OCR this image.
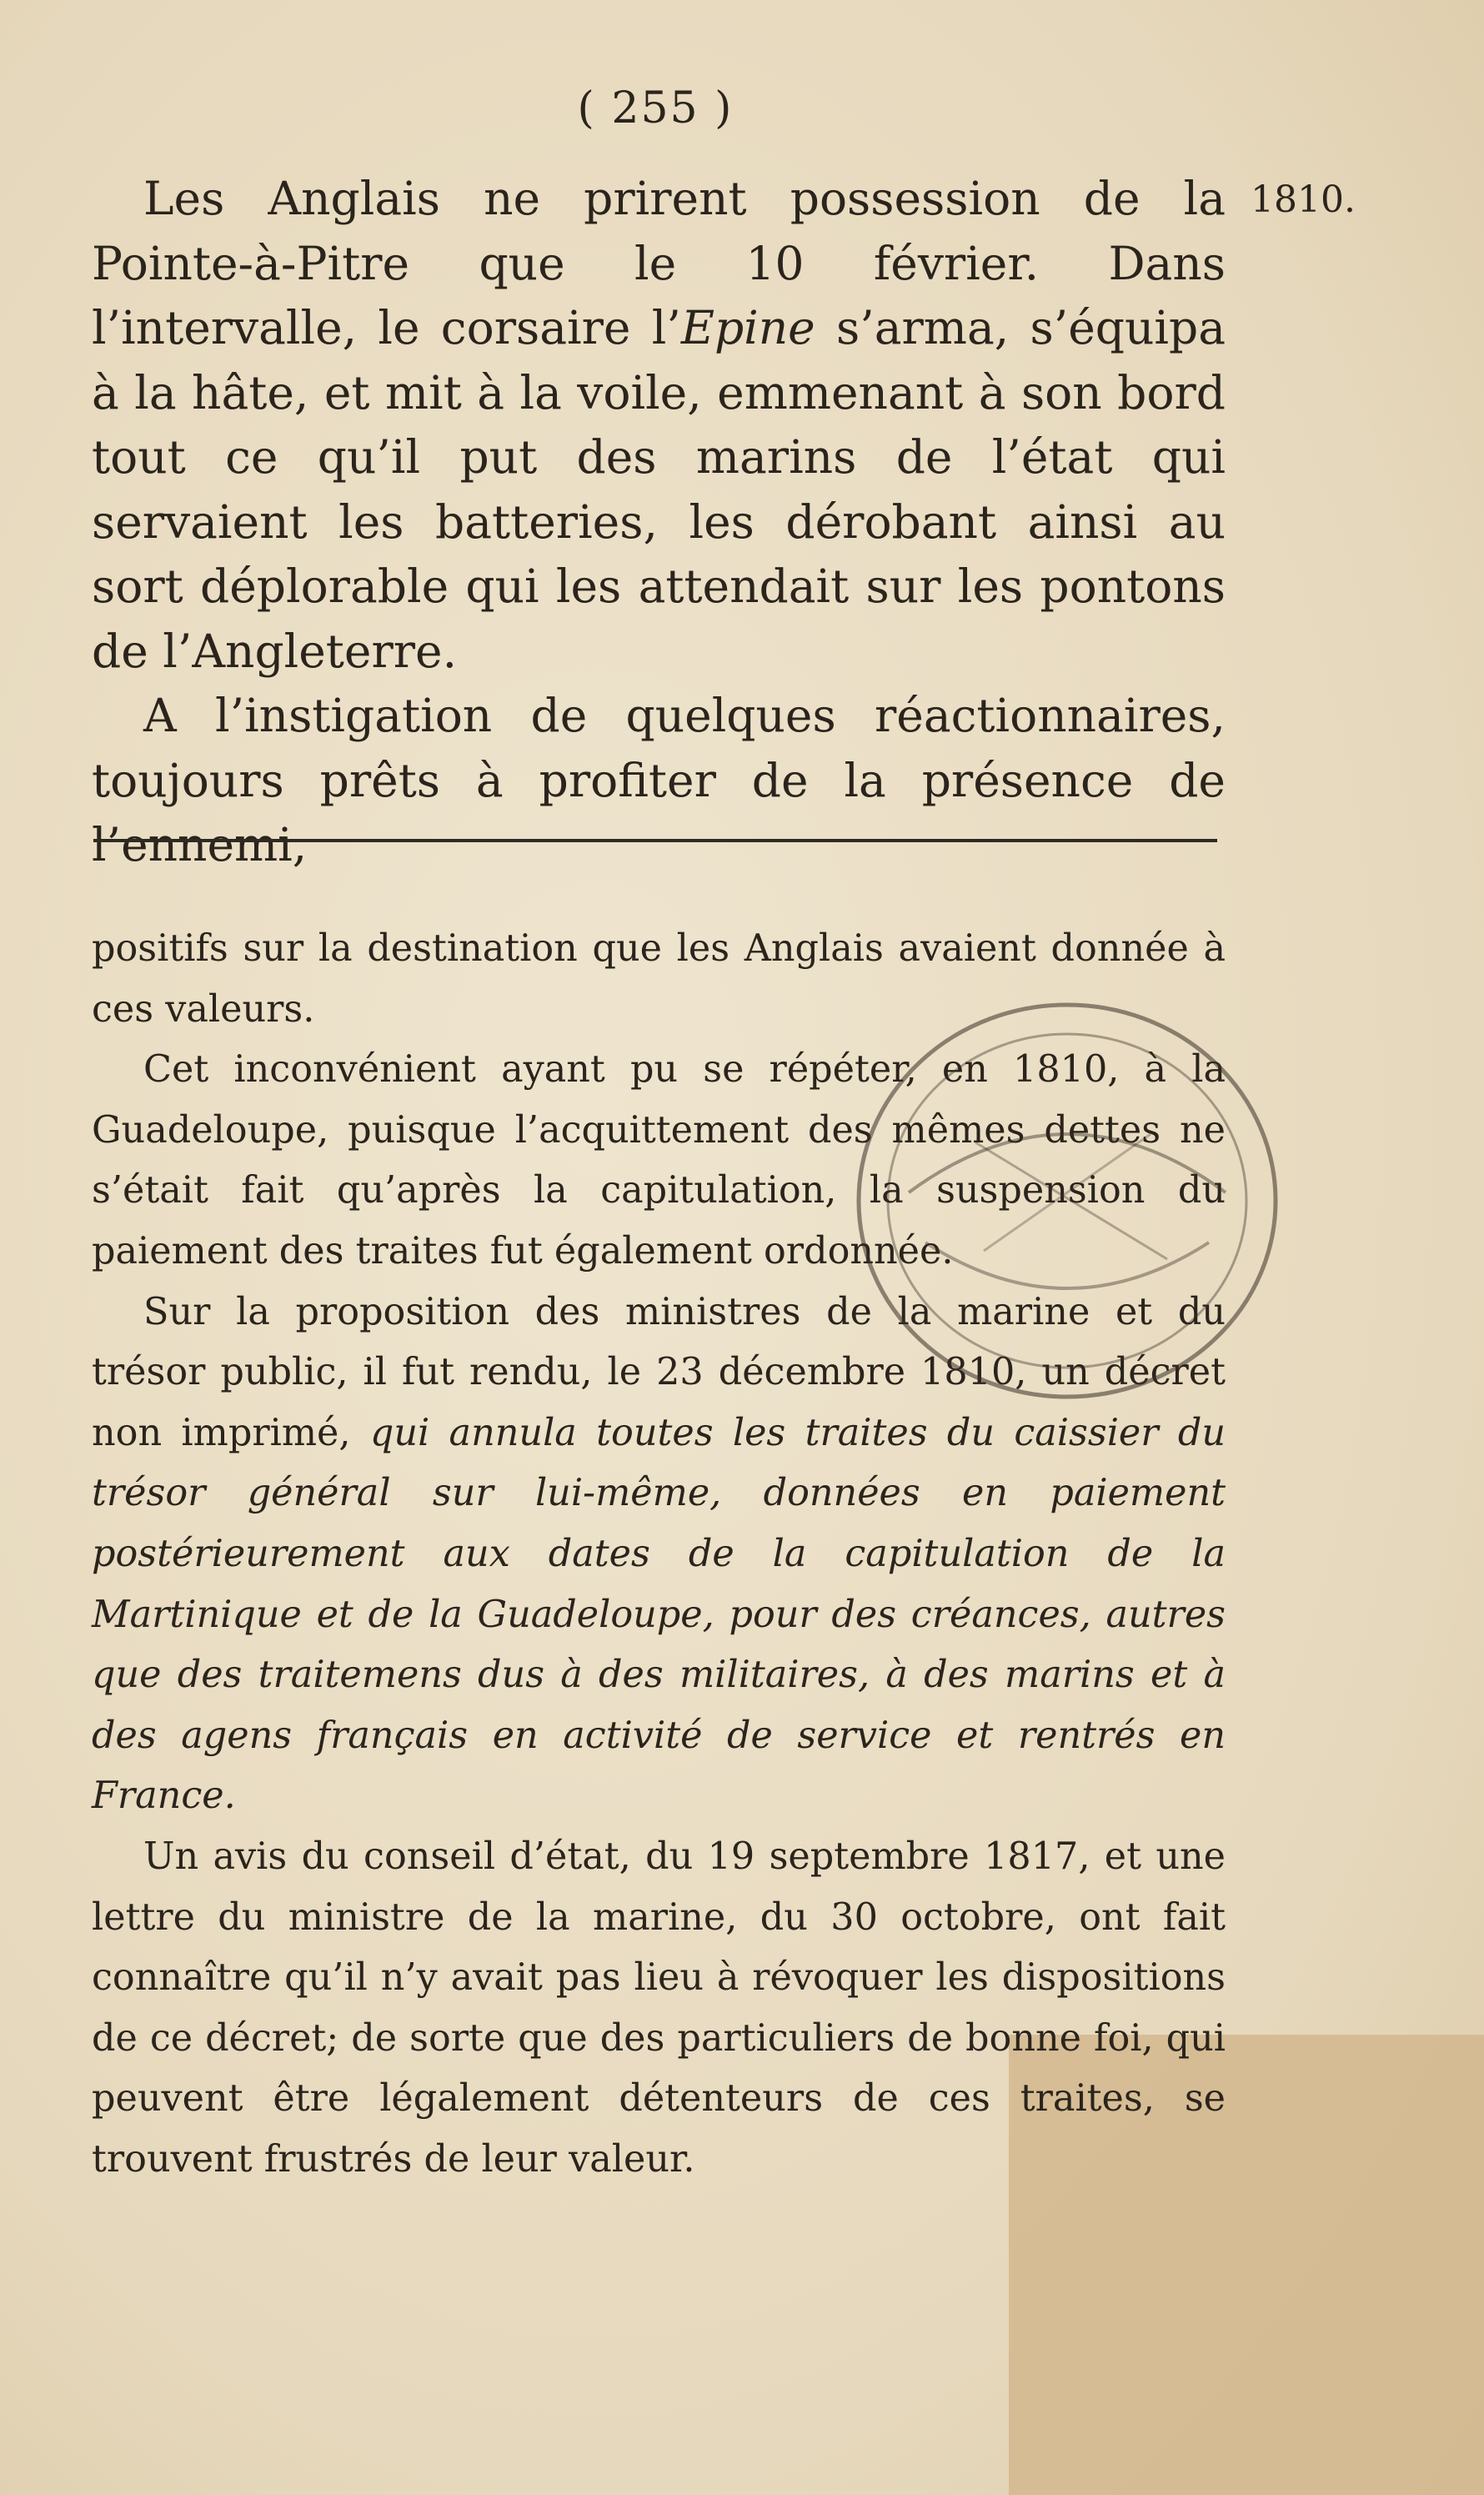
( 255 )
1810.

Les Anglais ne prirent possession de la Pointe-à-Pitre que le 10 février. Dans l’intervalle, le corsaire l’Epine s’arma, s’équipa à la hâte, et mit à la voile, emmenant à son bord tout ce qu’il put des marins de l’état qui servaient les batteries, les dérobant ainsi au sort déplorable qui les attendait sur les pontons de l’Angleterre.

A l’instigation de quelques réactionnaires, toujours prêts à profiter de la présence de l’ennemi,

positifs sur la destination que les Anglais avaient donnée à ces valeurs.

Cet inconvénient ayant pu se répéter, en 1810, à la Guadeloupe, puisque l’acquittement des mêmes dettes ne s’était fait qu’après la capitulation, la suspension du paiement des traites fut également ordonnée.

Sur la proposition des ministres de la marine et du trésor public, il fut rendu, le 23 décembre 1810, un décret non imprimé, qui annula toutes les traites du caissier du trésor général sur lui-même, données en paiement postérieurement aux dates de la capitulation de la Martinique et de la Guadeloupe, pour des créances, autres que des traitemens dus à des militaires, à des marins et à des agens français en activité de service et rentrés en France.

Un avis du conseil d’état, du 19 septembre 1817, et une lettre du ministre de la marine, du 30 octobre, ont fait connaître qu’il n’y avait pas lieu à révoquer les dispositions de ce décret; de sorte que des particuliers de bonne foi, qui peuvent être légalement détenteurs de ces traites, se trouvent frustrés de leur valeur.
